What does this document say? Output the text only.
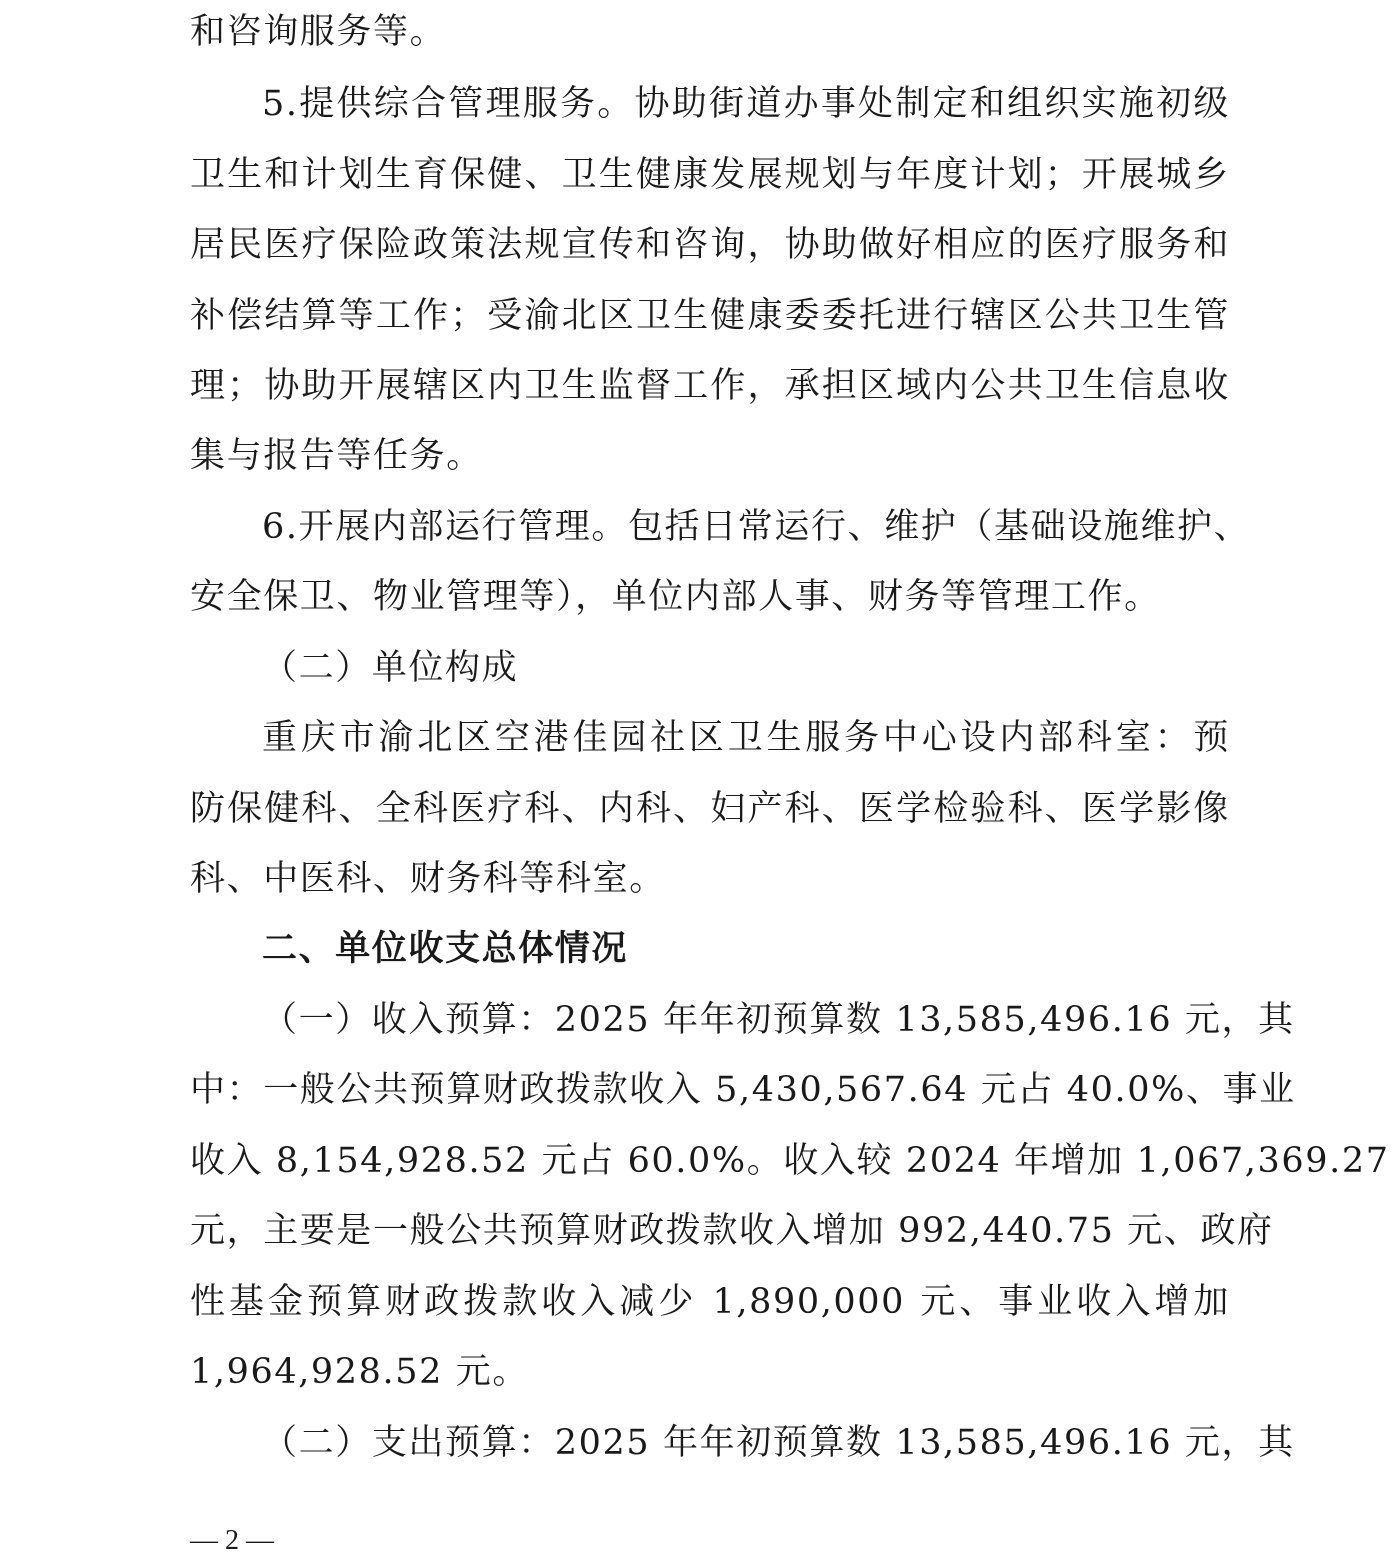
和咨询服务等。
5.提供综合管理服务。协助街道办事处制定和组织实施初级
卫生和计划生育保健、卫生健康发展规划与年度计划；开展城乡
居民医疗保险政策法规宣传和咨询，协助做好相应的医疗服务和
补偿结算等工作；受渝北区卫生健康委委托进行辖区公共卫生管
理；协助开展辖区内卫生监督工作，承担区域内公共卫生信息收
集与报告等任务。
6.开展内部运行管理。包括日常运行、维护（基础设施维护、
安全保卫、物业管理等），单位内部人事、财务等管理工作。
（二）单位构成
重庆市渝北区空港佳园社区卫生服务中心设内部科室：预
防保健科、全科医疗科、内科、妇产科、医学检验科、医学影像
科、中医科、财务科等科室。
二、单位收支总体情况
（一）收入预算：2025 年年初预算数 13,585,496.16 元，其
中：一般公共预算财政拨款收入 5,430,567.64 元占 40.0%、事业
收入 8,154,928.52 元占 60.0%。收入较 2024 年增加 1,067,369.27
元，主要是一般公共预算财政拨款收入增加 992,440.75 元、政府
性基金预算财政拨款收入减少 1,890,000 元、事业收入增加
1,964,928.52 元。
（二）支出预算：2025 年年初预算数 13,585,496.16 元，其
— 2 —
